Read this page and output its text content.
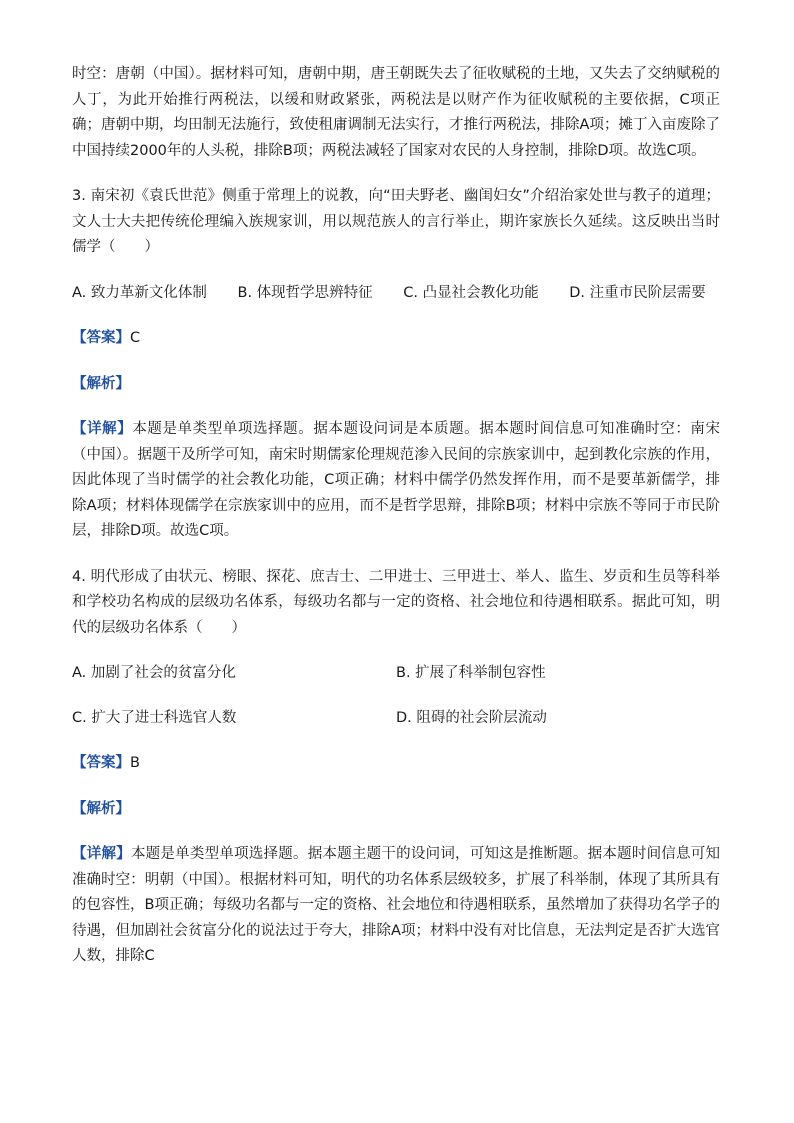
时空：唐朝（中国）。据材料可知，唐朝中期，唐王朝既失去了征收赋税的土地，又失去了交纳赋税的人丁，为此开始推行两税法，以缓和财政紧张，两税法是以财产作为征收赋税的主要依据，C项正确；唐朝中期，均田制无法施行，致使租庸调制无法实行，才推行两税法，排除A项；摊丁入亩废除了中国持续2000年的人头税，排除B项；两税法减轻了国家对农民的人身控制，排除D项。故选C项。

3. 南宋初《袁氏世范》侧重于常理上的说教，向“田夫野老、幽闺妇女”介绍治家处世与教子的道理；文人士大夫把传统伦理编入族规家训，用以规范族人的言行举止，期许家族长久延续。这反映出当时儒学（　　）

A. 致力革新文化体制 B. 体现哲学思辨特征 C. 凸显社会教化功能 D. 注重市民阶层需要
【答案】C
【解析】

【详解】本题是单类型单项选择题。据本题设问词是本质题。据本题时间信息可知准确时空：南宋（中国）。据题干及所学可知，南宋时期儒家伦理规范渗入民间的宗族家训中，起到教化宗族的作用，因此体现了当时儒学的社会教化功能，C项正确；材料中儒学仍然发挥作用，而不是要革新儒学，排除A项；材料体现儒学在宗族家训中的应用，而不是哲学思辩，排除B项；材料中宗族不等同于市民阶层，排除D项。故选C项。

4. 明代形成了由状元、榜眼、探花、庶吉士、二甲进士、三甲进士、举人、监生、岁贡和生员等科举和学校功名构成的层级功名体系，每级功名都与一定的资格、社会地位和待遇相联系。据此可知，明代的层级功名体系（　　）

A. 加剧了社会的贫富分化	B. 扩展了科举制包容性
C. 扩大了进士科选官人数	D. 阻碍的社会阶层流动
【答案】B
【解析】

【详解】本题是单类型单项选择题。据本题主题干的设问词，可知这是推断题。据本题时间信息可知准确时空：明朝（中国）。根据材料可知，明代的功名体系层级较多，扩展了科举制，体现了其所具有的包容性，B项正确；每级功名都与一定的资格、社会地位和待遇相联系，虽然增加了获得功名学子的待遇，但加剧社会贫富分化的说法过于夸大，排除A项；材料中没有对比信息，无法判定是否扩大选官人数，排除C
